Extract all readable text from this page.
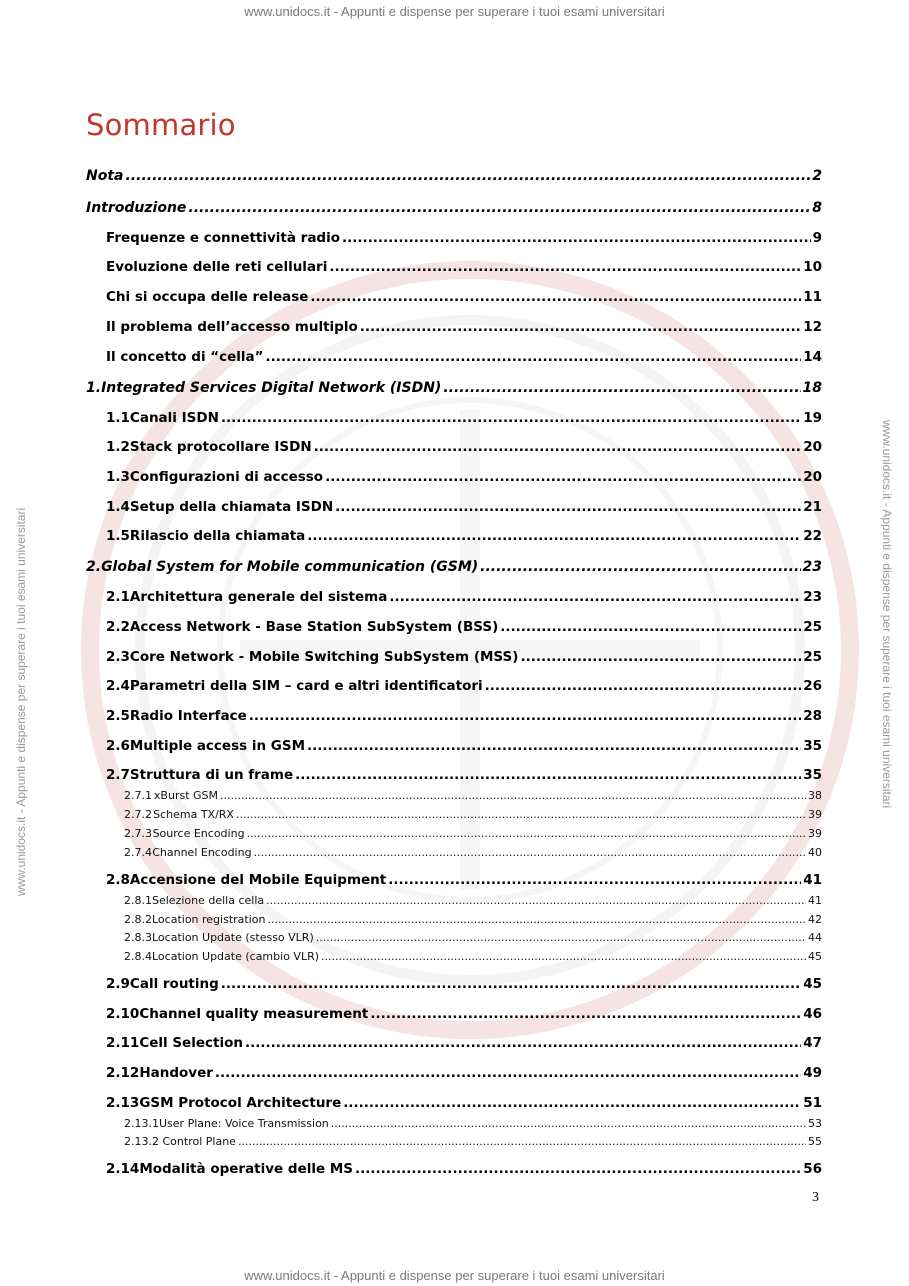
www.unidocs.it - Appunti e dispense per superare i tuoi esami universitari
www.unidocs.it - Appunti e dispense per superare i tuoi esami universitari
www.unidocs.it - Appunti e dispense per superare i tuoi esami universitari	www.unidocs.it - Appunti e dispense per superare i tuoi esami universitari
Sommario
Nota .....	2
Introduzione .....	8
Frequenze e connettività radio .....	9
Evoluzione delle reti cellulari .....	10
Chi si occupa delle release .....	11
Il problema dell’accesso multiplo .....	12
Il concetto di “cella” .....	14
1. Integrated Services Digital Network (ISDN) .....	18
1.1 Canali ISDN .....	19
1.2 Stack protocollare ISDN .....	20
1.3 Configurazioni di accesso .....	20
1.4 Setup della chiamata ISDN .....	21
1.5 Rilascio della chiamata .....	22
2. Global System for Mobile communication (GSM) .....	23
2.1 Architettura generale del sistema .....	23
2.2 Access Network - Base Station SubSystem (BSS) .....	25
2.3 Core Network - Mobile Switching SubSystem (MSS) .....	25
2.4 Parametri della SIM – card e altri identificatori .....	26
2.5 Radio Interface .....	28
2.6 Multiple access in GSM .....	35
2.7 Struttura di un frame .....	35
2.7.1 xBurst GSM .....	38
2.7.2 Schema TX/RX .....	39
2.7.3 Source Encoding .....	39
2.7.4 Channel Encoding .....	40
2.8 Accensione del Mobile Equipment .....	41
2.8.1 Selezione della cella .....	41
2.8.2 Location registration .....	42
2.8.3 Location Update (stesso VLR) .....	44
2.8.4 Location Update (cambio VLR) .....	45
2.9 Call routing .....	45
2.10 Channel quality measurement .....	46
2.11 Cell Selection .....	47
2.12 Handover .....	49
2.13 GSM Protocol Architecture .....	51
2.13.1 User Plane: Voice Transmission .....	53
2.13.2 Control Plane .....	55
2.14 Modalità operative delle MS .....	56
3
